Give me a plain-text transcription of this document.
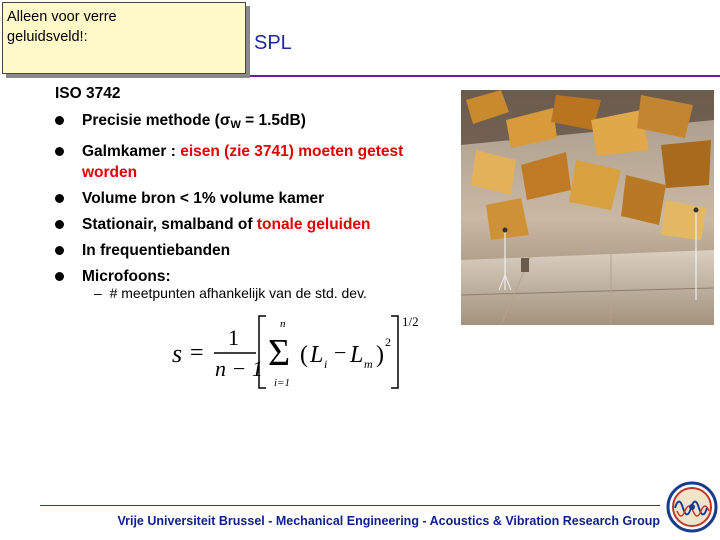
Alleen voor verre
geluidsveld!:	SPL
ISO 3742
Precisie methode $(\sigma_W = 1.5dB)$
Galmkamer : eisen (zie 3741) moeten getest worden
Volume bron < 1% volume kamer
Stationair, smalband of tonale geluiden
In frequentiebanden
Microfoons:
– # meetpunten afhankelijk van de std. dev.
s =
1
n − 1
n
Σ
i=1
( L i − L m ) 2
1/2
Vrije Universiteit Brussel - Mechanical Engineering - Acoustics & Vibration Research Group
